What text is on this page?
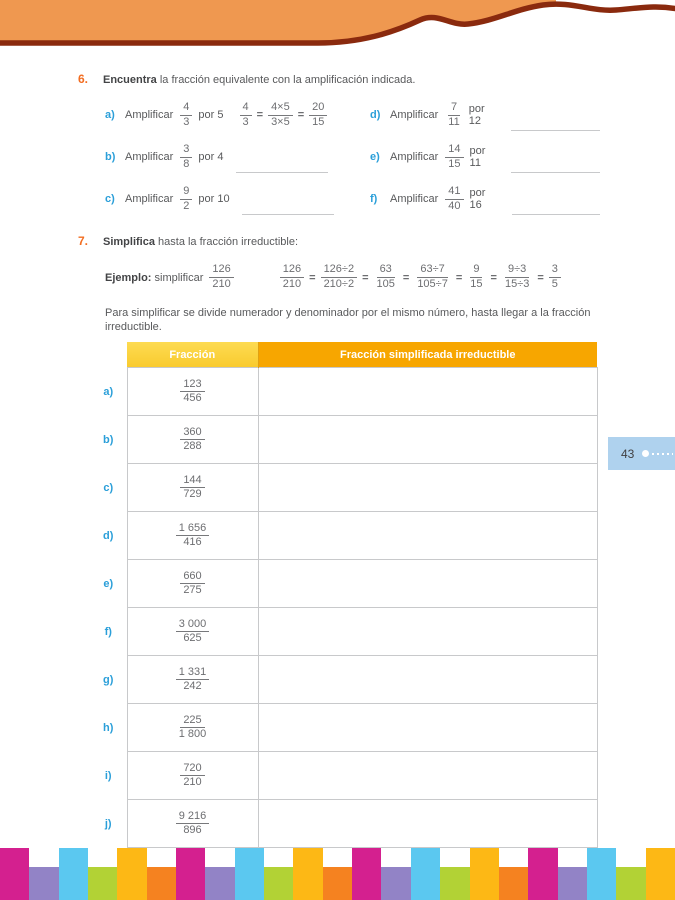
6.	Encuentra la fracción equivalente con la amplificación indicada.

a) Amplificar $\frac{4}{3}$ por $5 \frac{4}{3} = \frac{4\times 5}{3\times 5} = \frac{20}{15}$
b) Amplificar $\frac{3}{8}$ por 4
c) Amplificar $\frac{9}{2}$ por 10
d) Amplificar $\frac{7}{11}$ por 12
e) Amplificar $\frac{14}{15}$ por 11
f)	Amplificar $\frac{41}{40}$ por 16
7.	Simplifica hasta la fracción irreductible:

Ejemplo: simplificar $\frac{126}{210}$	$\frac{126}{210} = \frac{126\div 2}{210\div 2} = \frac{63}{105} = \frac{63\div 7}{105\div 7} = \frac{9}{15} = \frac{9\div 3}{15\div 3} = \frac{3}{5}$

Para simplificar se divide numerador y denominador por el mismo número, hasta llegar a la fracción irreductible.

	Fracción	Fracción simplificada irreductible
a)	$\frac{123}{456}$

b)	$\frac{360}{288}$

c)	$\frac{144}{729}$

d)	$\frac{1 656}{416}$

e)	$\frac{660}{275}$

f)	$\frac{3 000}{625}$

g)	$\frac{1 331}{242}$

h)	$\frac{225}{1 800}$

i)	$\frac{720}{210}$

j)	$\frac{9 216}{896}$

43
